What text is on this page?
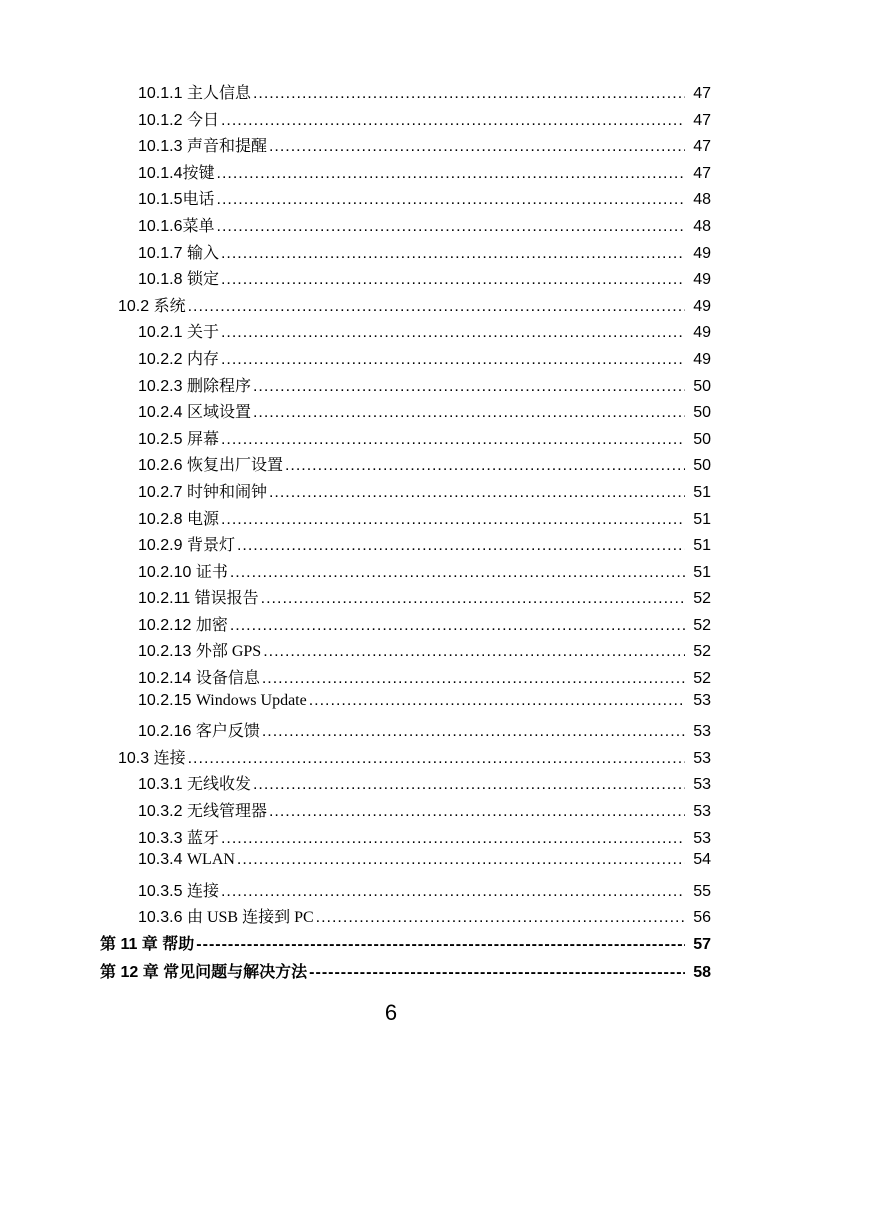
10.1.1 主人信息 .....	47
10.1.2 今日 .....	47
10.1.3 声音和提醒 .....	47
10.1.4按键 .....	47
10.1.5电话 .....	48
10.1.6菜单 .....	48
10.1.7 输入 .....	49
10.1.8 锁定 .....	49
10.2 系统 .....	49
10.2.1 关于 .....	49
10.2.2 内存 .....	49
10.2.3 删除程序 .....	50
10.2.4 区域设置 .....	50
10.2.5 屏幕 .....	50
10.2.6 恢复出厂设置 .....	50
10.2.7 时钟和闹钟 .....	51
10.2.8 电源 .....	51
10.2.9 背景灯 .....	51
10.2.10 证书 .....	51
10.2.11 错误报告 .....	52
10.2.12 加密 .....	52
10.2.13 外部 GPS .....	52
10.2.14 设备信息 .....	52
10.2.15 Windows Update .....	53
10.2.16 客户反馈 .....	53
10.3 连接 .....	53
10.3.1 无线收发 .....	53
10.3.2 无线管理器 .....	53
10.3.3 蓝牙 .....	53
10.3.4 WLAN .....	54
10.3.5 连接 .....	55
10.3.6 由 USB 连接到 PC .....	56
第 11 章 帮助 -----	57
第 12 章 常见问题与解决方法 -----	58
6
